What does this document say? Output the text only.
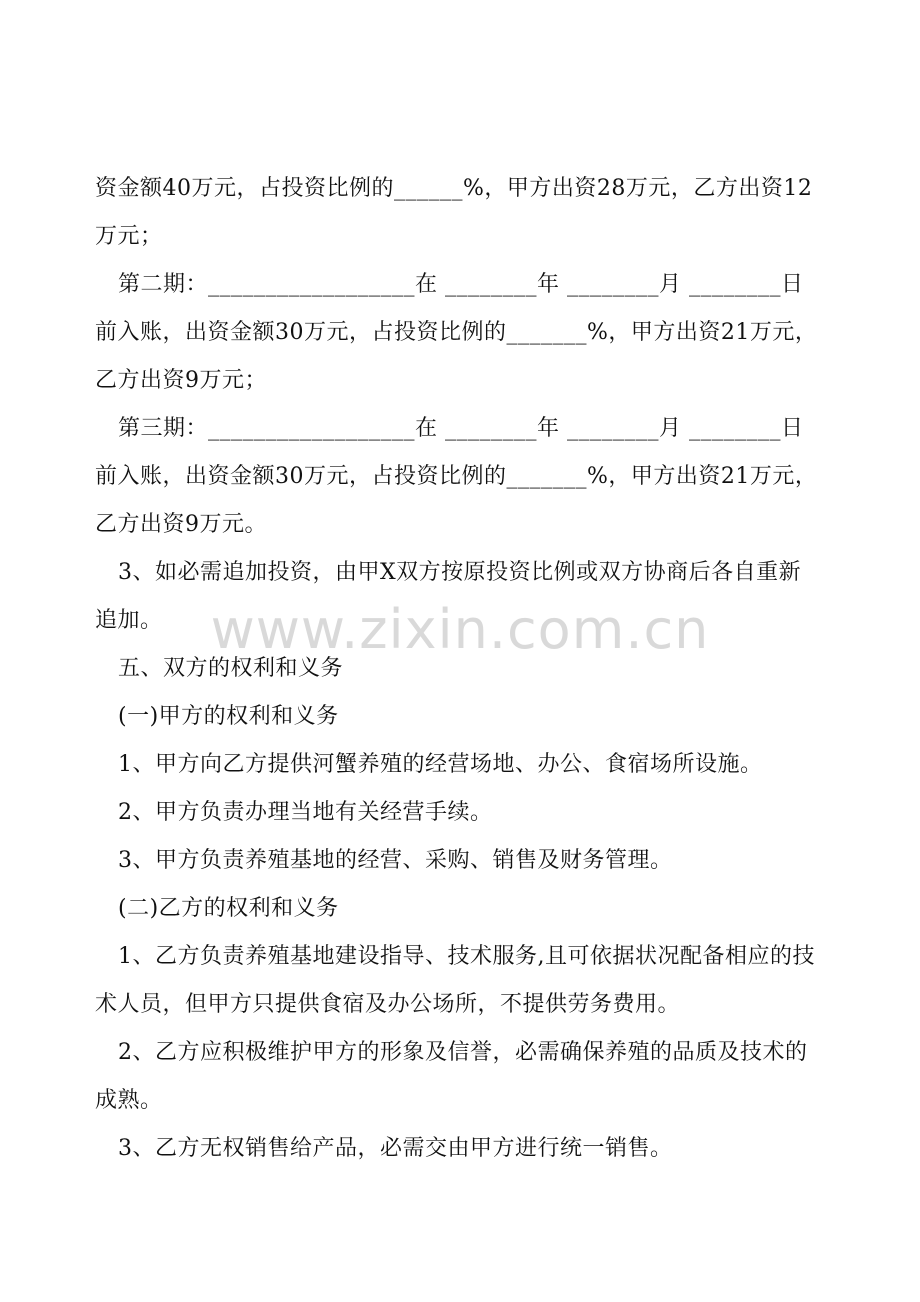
资金额40万元，占投资比例的______%，甲方出资28万元，乙方出资12
万元；
第二期：__________________在 ________年 ________月 ________日
前入账，出资金额30万元，占投资比例的_______%，甲方出资21万元，
乙方出资9万元；
第三期：__________________在 ________年 ________月 ________日
前入账，出资金额30万元，占投资比例的_______%，甲方出资21万元，
乙方出资9万元。
3、如必需追加投资，由甲X双方按原投资比例或双方协商后各自重新
追加。
五、双方的权利和义务
(一)甲方的权利和义务
1、甲方向乙方提供河蟹养殖的经营场地、办公、食宿场所设施。
2、甲方负责办理当地有关经营手续。
3、甲方负责养殖基地的经营、采购、销售及财务管理。
(二)乙方的权利和义务
1、乙方负责养殖基地建设指导、技术服务,且可依据状况配备相应的技
术人员，但甲方只提供食宿及办公场所，不提供劳务费用。
2、乙方应积极维护甲方的形象及信誉，必需确保养殖的品质及技术的
成熟。
3、乙方无权销售给产品，必需交由甲方进行统一销售。
www.zixin.com.cn
